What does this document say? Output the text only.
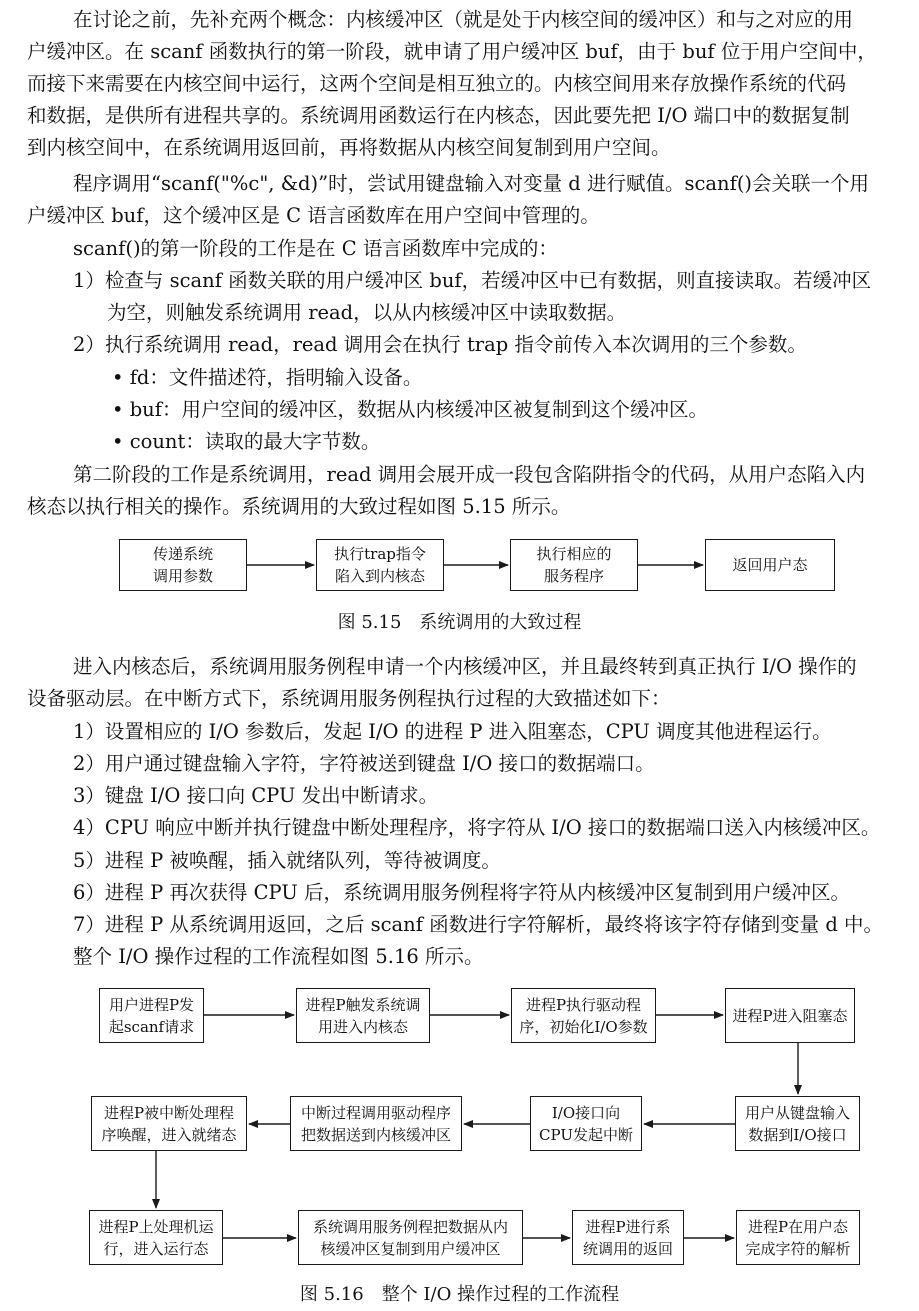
在讨论之前，先补充两个概念：内核缓冲区（就是处于内核空间的缓冲区）和与之对应的用
户缓冲区。在 scanf 函数执行的第一阶段，就申请了用户缓冲区 buf，由于 buf 位于用户空间中，
而接下来需要在内核空间中运行，这两个空间是相互独立的。内核空间用来存放操作系统的代码
和数据，是供所有进程共享的。系统调用函数运行在内核态，因此要先把 I/O 端口中的数据复制
到内核空间中，在系统调用返回前，再将数据从内核空间复制到用户空间。
程序调用“scanf("%c", &d)”时，尝试用键盘输入对变量 d 进行赋值。scanf()会关联一个用
户缓冲区 buf，这个缓冲区是 C 语言函数库在用户空间中管理的。
scanf()的第一阶段的工作是在 C 语言函数库中完成的：
1）检查与 scanf 函数关联的用户缓冲区 buf，若缓冲区中已有数据，则直接读取。若缓冲区
为空，则触发系统调用 read，以从内核缓冲区中读取数据。
2）执行系统调用 read，read 调用会在执行 trap 指令前传入本次调用的三个参数。
• fd：文件描述符，指明输入设备。
• buf：用户空间的缓冲区，数据从内核缓冲区被复制到这个缓冲区。
• count：读取的最大字节数。
第二阶段的工作是系统调用，read 调用会展开成一段包含陷阱指令的代码，从用户态陷入内
核态以执行相关的操作。系统调用的大致过程如图 5.15 所示。
传递系统
调用参数
执行trap指令
陷入到内核态
执行相应的
服务程序
返回用户态
图 5.15　系统调用的大致过程
进入内核态后，系统调用服务例程申请一个内核缓冲区，并且最终转到真正执行 I/O 操作的
设备驱动层。在中断方式下，系统调用服务例程执行过程的大致描述如下：
1）设置相应的 I/O 参数后，发起 I/O 的进程 P 进入阻塞态，CPU 调度其他进程运行。
2）用户通过键盘输入字符，字符被送到键盘 I/O 接口的数据端口。
3）键盘 I/O 接口向 CPU 发出中断请求。
4）CPU 响应中断并执行键盘中断处理程序，将字符从 I/O 接口的数据端口送入内核缓冲区。
5）进程 P 被唤醒，插入就绪队列，等待被调度。
6）进程 P 再次获得 CPU 后，系统调用服务例程将字符从内核缓冲区复制到用户缓冲区。
7）进程 P 从系统调用返回，之后 scanf 函数进行字符解析，最终将该字符存储到变量 d 中。
整个 I/O 操作过程的工作流程如图 5.16 所示。
用户进程P发
起scanf请求
进程P触发系统调
用进入内核态
进程P执行驱动程
序，初始化I/O参数
进程P进入阻塞态
用户从键盘输入
数据到I/O接口
I/O接口向
CPU发起中断
中断过程调用驱动程序
把数据送到内核缓冲区
进程P被中断处理程
序唤醒，进入就绪态
进程P上处理机运
行，进入运行态
系统调用服务例程把数据从内
核缓冲区复制到用户缓冲区
进程P进行系
统调用的返回
进程P在用户态
完成字符的解析
图 5.16　整个 I/O 操作过程的工作流程
